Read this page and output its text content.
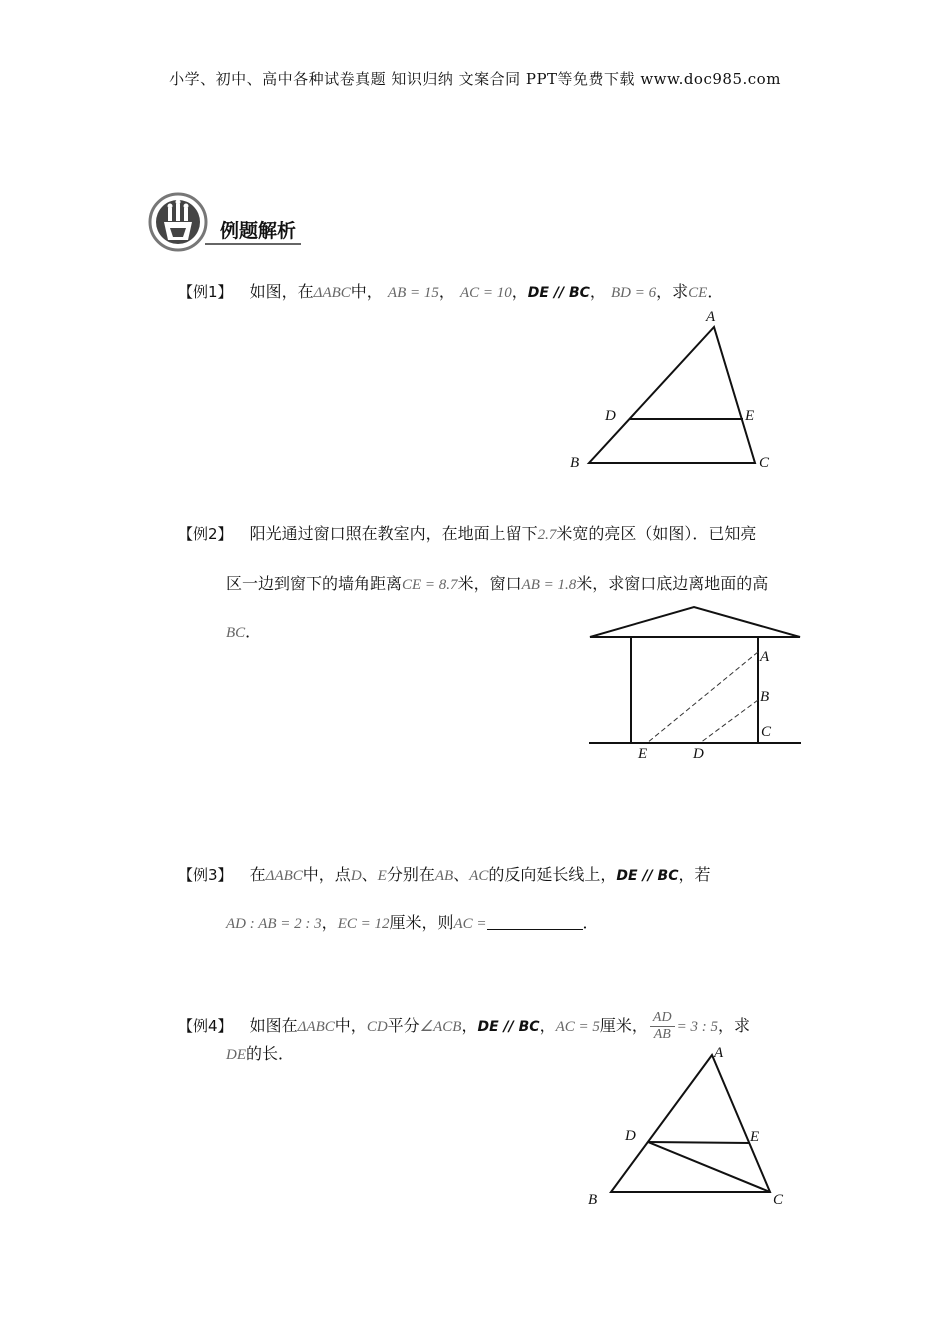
小学、初中、高中各种试卷真题 知识归纳 文案合同 PPT等免费下载 www.doc985.com
例题解析
【例1】 如图，在ΔABC中， AB = 15， AC = 10，DE // BC， BD = 6，求CE．
A
B	C
D	E
【例2】 阳光通过窗口照在教室内，在地面上留下2.7米宽的亮区（如图）．已知亮
区一边到窗下的墙角距离CE = 8.7米，窗口AB = 1.8米，求窗口底边离地面的高
BC．
A
B
C
E	D
【例3】 在ΔABC中，点D、E分别在AB、AC的反向延长线上，DE // BC，若
AD : AB = 2 : 3，EC = 12厘米，则AC =	．
【例4】 如图在ΔABC中，CD平分∠ACB，DE // BC，AC = 5厘米， $\frac{AD}{AB} = 3$ : 5，求
DE的长．	A
B	C
D	E
